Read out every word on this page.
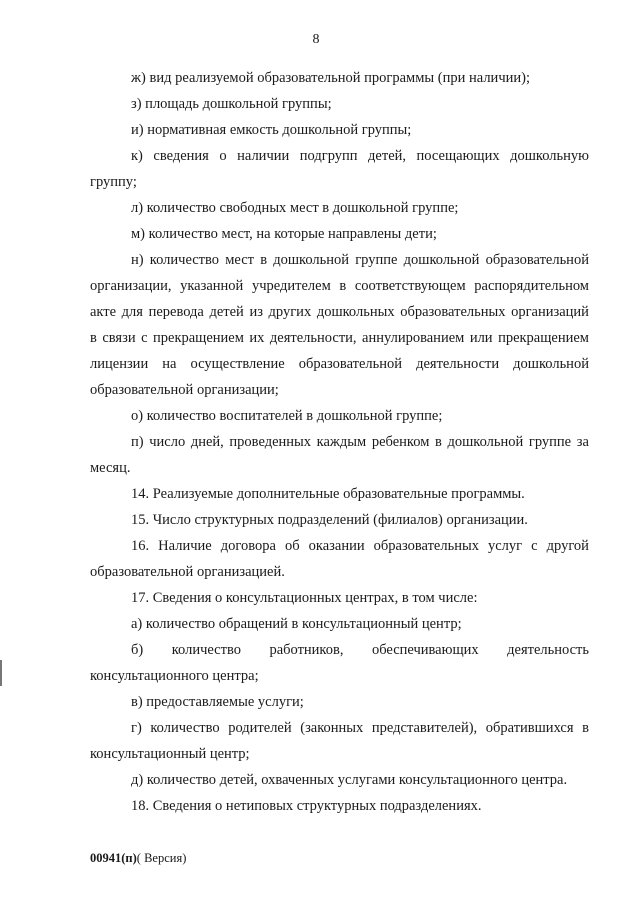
8
ж) вид реализуемой образовательной программы (при наличии);
з) площадь дошкольной группы;
и) нормативная емкость дошкольной группы;
к) сведения о наличии подгрупп детей, посещающих дошкольную
группу;
л) количество свободных мест в дошкольной группе;
м) количество мест, на которые направлены дети;
н) количество мест в дошкольной группе дошкольной образовательной
организации, указанной учредителем в соответствующем распорядительном
акте для перевода детей из других дошкольных образовательных организаций
в связи с прекращением их деятельности, аннулированием или прекращением
лицензии на осуществление образовательной деятельности дошкольной
образовательной организации;
о) количество воспитателей в дошкольной группе;
п) число дней, проведенных каждым ребенком в дошкольной группе за
месяц.
14. Реализуемые дополнительные образовательные программы.
15. Число структурных подразделений (филиалов) организации.
16. Наличие договора об оказании образовательных услуг с другой
образовательной организацией.
17. Сведения о консультационных центрах, в том числе:
а) количество обращений в консультационный центр;
б) количество работников, обеспечивающих деятельность
консультационного центра;
в) предоставляемые услуги;
г) количество родителей (законных представителей), обратившихся в
консультационный центр;
д) количество детей, охваченных услугами консультационного центра.
18. Сведения о нетиповых структурных подразделениях.
00941(п)( Версия)
